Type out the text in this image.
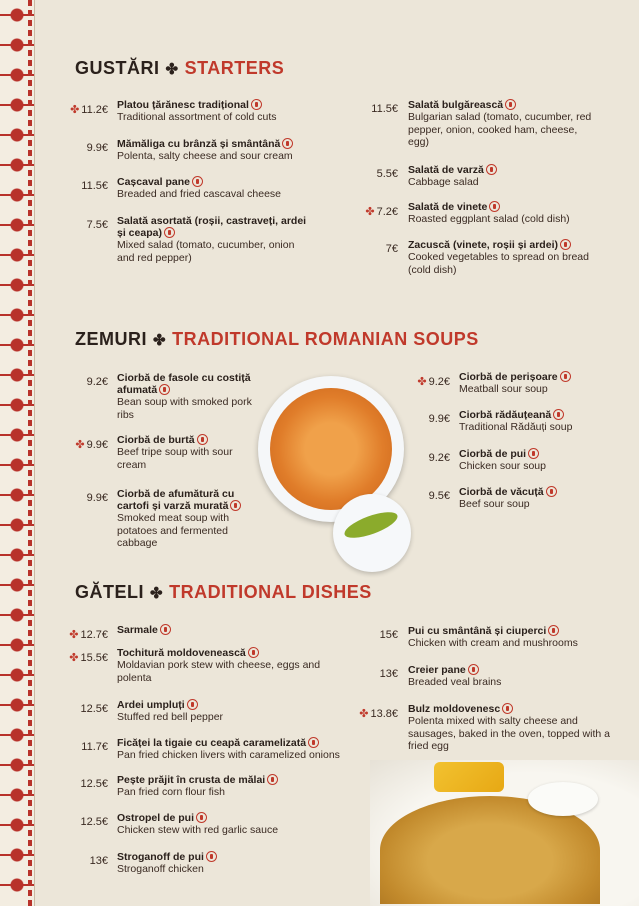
GUSTĂRI ✤ STARTERS
ZEMURI ✤ TRADITIONAL ROMANIAN SOUPS
GĂTELI ✤ TRADITIONAL DISHES
✤ 11.2€ Platou țărănesc tradițional
Traditional assortment of cold cuts
9.9€ Mămăliga cu brânză și smântână
Polenta, salty cheese and sour cream
11.5€ Cașcaval pane
Breaded and fried cascaval cheese
7.5€ Salată asortată (roșii, castraveți, ardei și ceapa)
Mixed salad (tomato, cucumber, onion and red pepper)
11.5€ Salată bulgărească
Bulgarian salad (tomato, cucumber, red pepper, onion, cooked ham, cheese, egg)
5.5€ Salată de varză
Cabbage salad
✤ 7.2€ Salată de vinete
Roasted eggplant salad (cold dish)
7€ Zacuscă (vinete, roșii și ardei)
Cooked vegetables to spread on bread (cold dish)
9.2€ Ciorbă de fasole cu costiță afumată
Bean soup with smoked pork ribs
✤ 9.9€ Ciorbă de burtă
Beef tripe soup with sour cream
9.9€ Ciorbă de afumătură cu cartofi și varză murată
Smoked meat soup with potatoes and fermented cabbage
✤ 9.2€ Ciorbă de perișoare
Meatball sour soup
9.9€ Ciorbă rădăuțeană
Traditional Rădăuți soup
9.2€ Ciorbă de pui
Chicken sour soup
9.5€ Ciorbă de văcuță
Beef sour soup
✤ 12.7€ Sarmale
✤ 15.5€ Tochitură moldovenească
Moldavian pork stew with cheese, eggs and polenta
12.5€ Ardei umpluți
Stuffed red bell pepper
11.7€ Ficăței la tigaie cu ceapă caramelizată
Pan fried chicken livers with caramelized onions
12.5€ Pește prăjit în crusta de mălai
Pan fried corn flour fish
12.5€ Ostropel de pui
Chicken stew with red garlic sauce
13€ Stroganoff de pui
Stroganoff chicken
15€ Pui cu smântână și ciuperci
Chicken with cream and mushrooms
13€ Creier pane
Breaded veal brains
✤ 13.8€ Bulz moldovenesc
Polenta mixed with salty cheese and sausages, baked in the oven, topped with a fried egg
